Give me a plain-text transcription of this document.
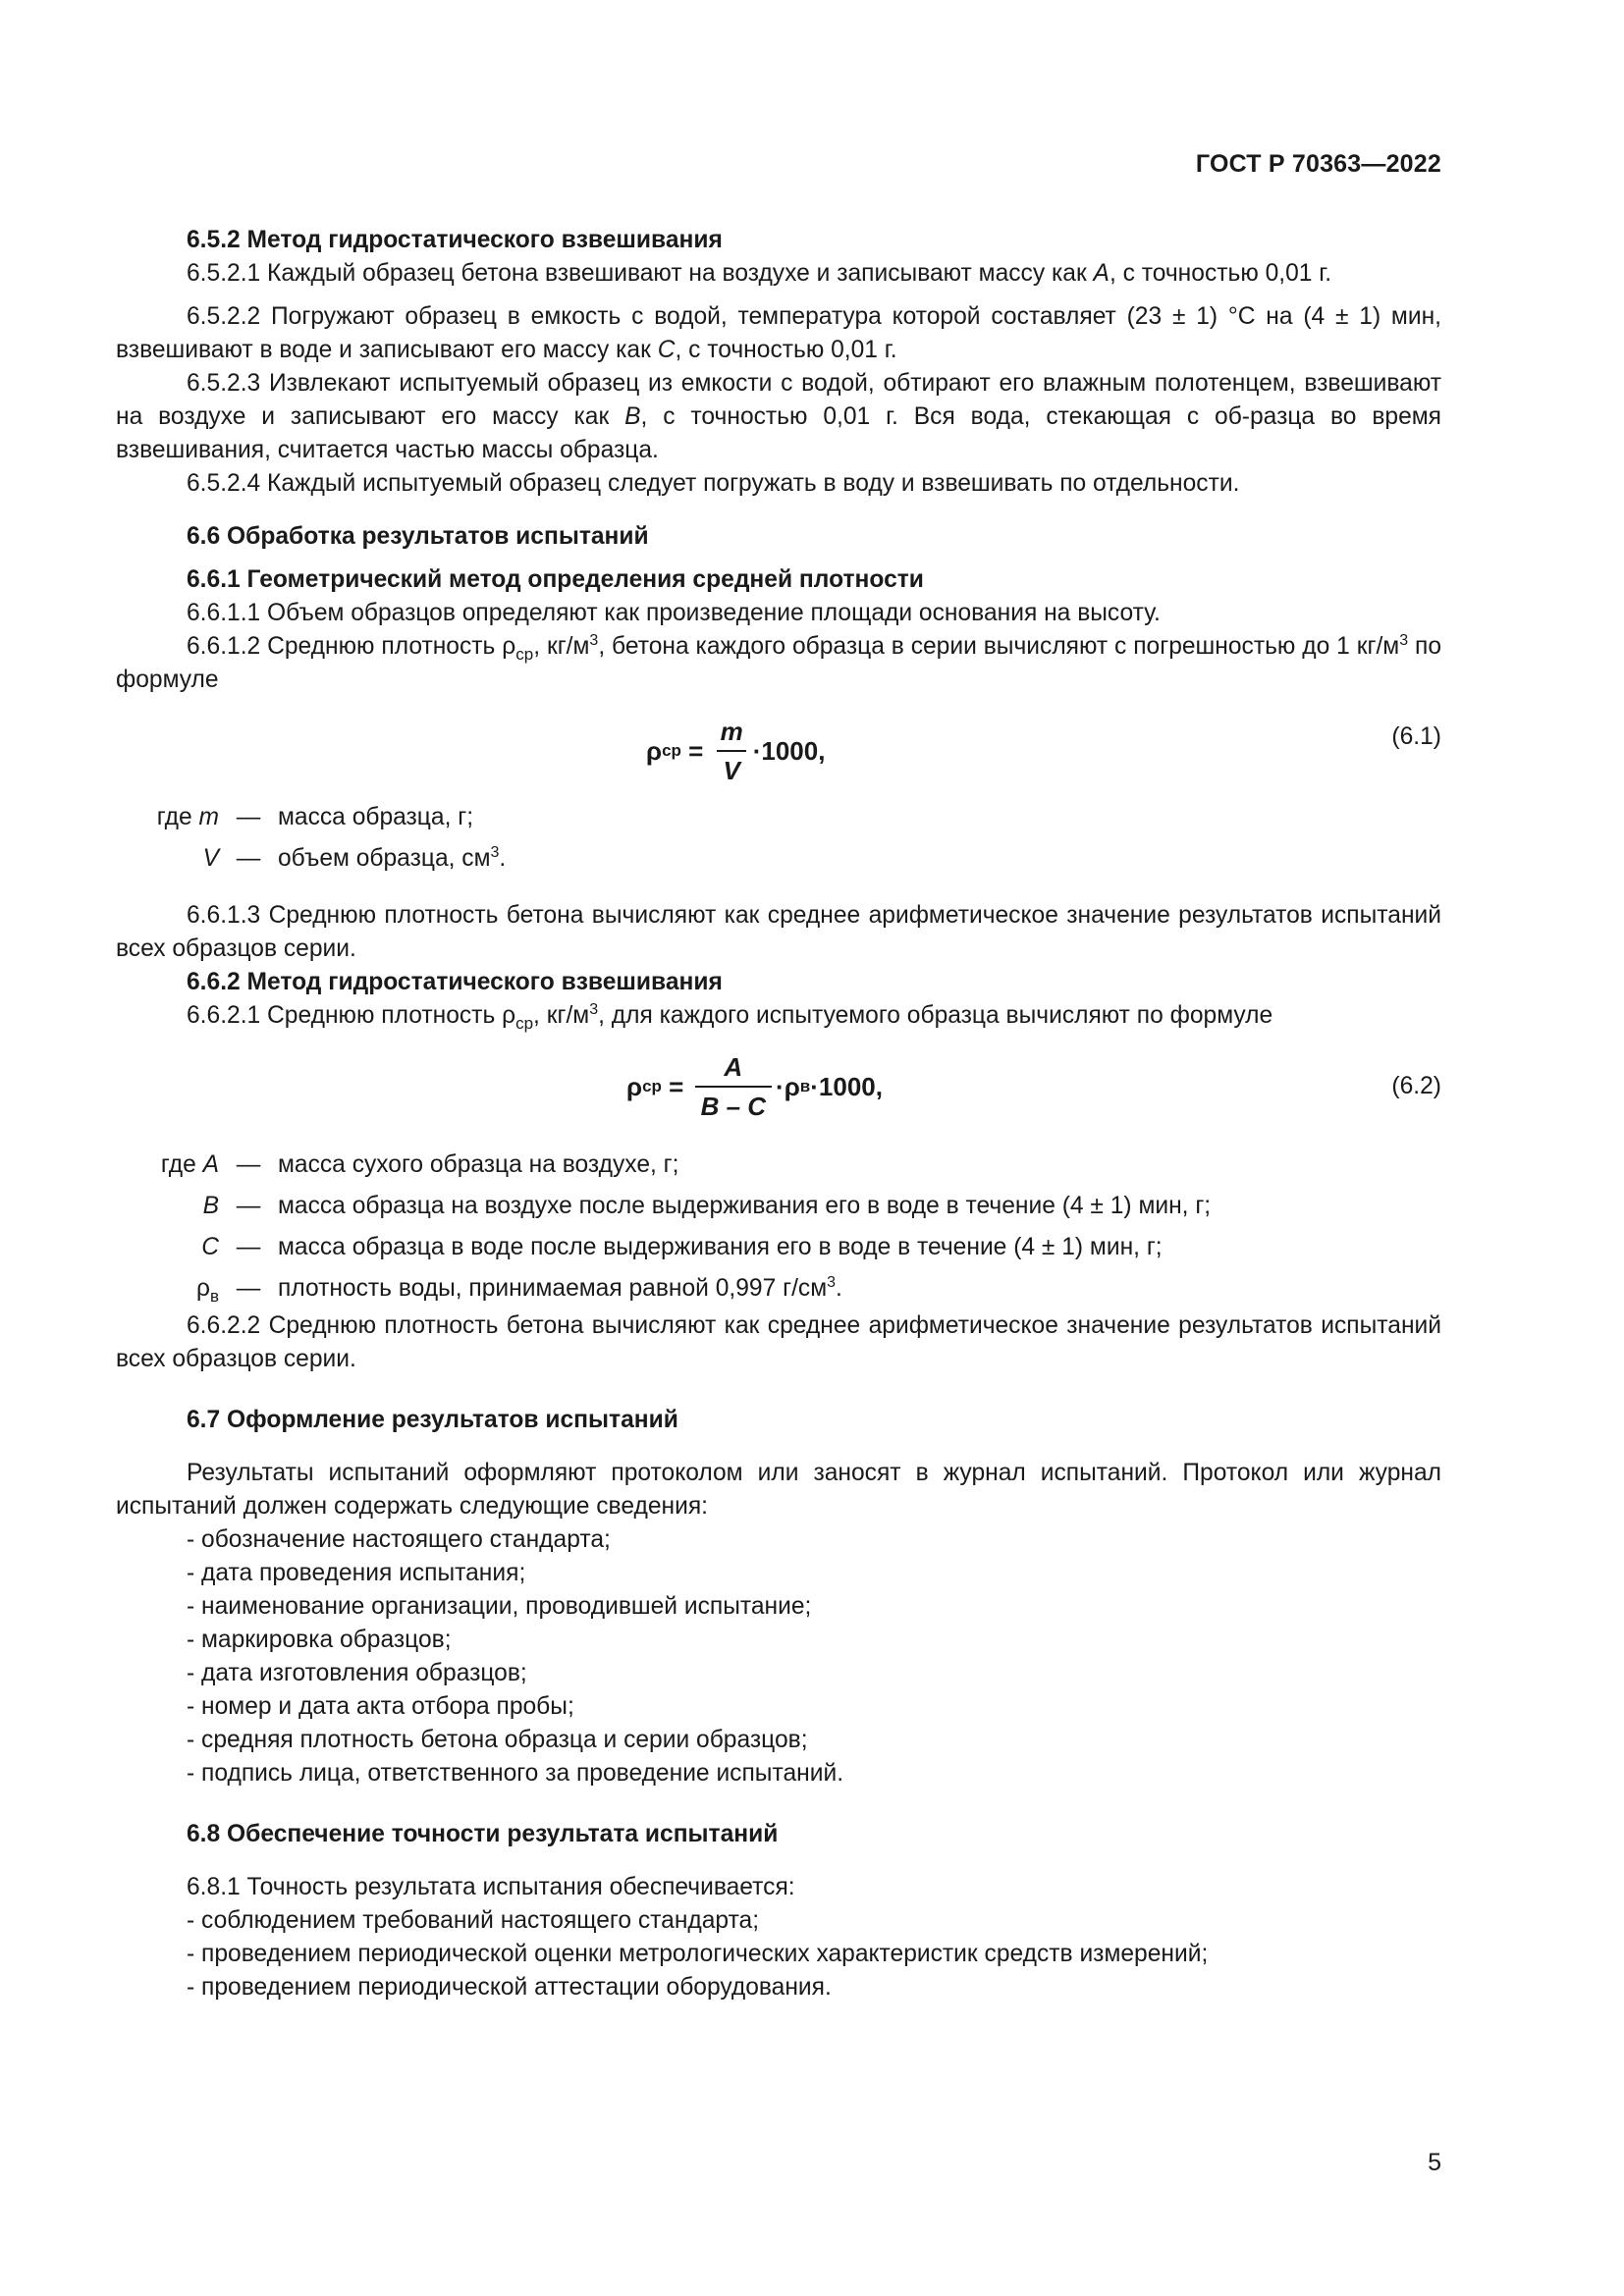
ГОСТ Р 70363—2022

6.5.2 Метод гидростатического взвешивания

6.5.2.1 Каждый образец бетона взвешивают на воздухе и записывают массу как A, с точностью 0,01 г.

6.5.2.2 Погружают образец в емкость с водой, температура которой составляет (23 ± 1) °С на (4 ± 1) мин, взвешивают в воде и записывают его массу как C, с точностью 0,01 г.

6.5.2.3 Извлекают испытуемый образец из емкости с водой, обтирают его влажным полотенцем, взвешивают на воздухе и записывают его массу как B, с точностью 0,01 г. Вся вода, стекающая с об-разца во время взвешивания, считается частью массы образца.

6.5.2.4 Каждый испытуемый образец следует погружать в воду и взвешивать по отдельности.

6.6 Обработка результатов испытаний

6.6.1 Геометрический метод определения средней плотности

6.6.1.1 Объем образцов определяют как произведение площади основания на высоту.

6.6.1.2 Среднюю плотность $\rho_{ср}$, $кг/м^3$, бетона каждого образца в серии вычисляют с погрешностью до 1 $кг/м^3$ по формуле

ρ ср = $\frac{m}{V} \cdot 1000$,	(6.1)
где m — масса образца, г;
V — объем образца, $см^3$.

6.6.1.3 Среднюю плотность бетона вычисляют как среднее арифметическое значение результатов испытаний всех образцов серии.

6.6.2 Метод гидростатического взвешивания

6.6.2.1 Среднюю плотность $\rho_{ср}$, $кг/м^3$, для каждого испытуемого образца вычисляют по формуле

ρ ср = $\frac{A}{B - C} \cdot\rho$ в ·1000,	(6.2)
где A — масса сухого образца на воздухе, г;
B — масса образца на воздухе после выдерживания его в воде в течение (4 ± 1) мин, г;
C — масса образца в воде после выдерживания его в воде в течение (4 ± 1) мин, г;
$\rho_в$ — плотность воды, принимаемая равной 0,997 $г/см^3$.

6.6.2.2 Среднюю плотность бетона вычисляют как среднее арифметическое значение результатов испытаний всех образцов серии.

6.7 Оформление результатов испытаний

Результаты испытаний оформляют протоколом или заносят в журнал испытаний. Протокол или журнал испытаний должен содержать следующие сведения:

- обозначение настоящего стандарта;

- дата проведения испытания;

- наименование организации, проводившей испытание;

- маркировка образцов;

- дата изготовления образцов;

- номер и дата акта отбора пробы;

- средняя плотность бетона образца и серии образцов;

- подпись лица, ответственного за проведение испытаний.

6.8 Обеспечение точности результата испытаний

6.8.1 Точность результата испытания обеспечивается:

- соблюдением требований настоящего стандарта;

- проведением периодической оценки метрологических характеристик средств измерений;

- проведением периодической аттестации оборудования.

5
